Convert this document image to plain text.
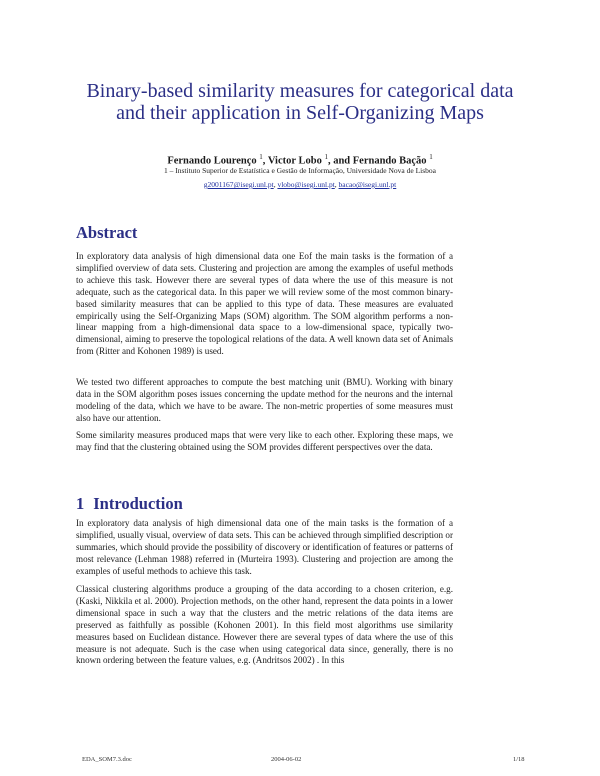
Binary-based similarity measures for categorical data and their application in Self-Organizing Maps
Fernando Lourenço $^1$, Victor Lobo $^1$, and Fernando Bação $^1$
1 – Instituto Superior de Estatística e Gestão de Informação, Universidade Nova de Lisboa
g2001167@isegi.unl.pt, vlobo@isegi.unl.pt, bacao@isegi.unl.pt
Abstract

In exploratory data analysis of high dimensional data one Eof the main tasks is the formation of a simplified overview of data sets. Clustering and projection are among the examples of useful methods to achieve this task. However there are several types of data where the use of this measure is not adequate, such as the categorical data. In this paper we will review some of the most common binary-based similarity measures that can be applied to this type of data. These measures are evaluated empirically using the Self-Organizing Maps (SOM) algorithm. The SOM algorithm performs a non-linear mapping from a high-dimensional data space to a low-dimensional space, typically two-dimensional, aiming to preserve the topological relations of the data. A well known data set of Animals from (Ritter and Kohonen 1989) is used.

We tested two different approaches to compute the best matching unit (BMU). Working with binary data in the SOM algorithm poses issues concerning the update method for the neurons and the internal modeling of the data, which we have to be aware. The non-metric properties of some measures must also have our attention.

Some similarity measures produced maps that were very like to each other. Exploring these maps, we may find that the clustering obtained using the SOM provides different perspectives over the data.

1 Introduction

In exploratory data analysis of high dimensional data one of the main tasks is the formation of a simplified, usually visual, overview of data sets. This can be achieved through simplified description or summaries, which should provide the possibility of discovery or identification of features or patterns of most relevance (Lehman 1988) referred in (Murteira 1993). Clustering and projection are among the examples of useful methods to achieve this task.

Classical clustering algorithms produce a grouping of the data according to a chosen criterion, e.g. (Kaski, Nikkila et al. 2000). Projection methods, on the other hand, represent the data points in a lower dimensional space in such a way that the clusters and the metric relations of the data items are preserved as faithfully as possible (Kohonen 2001). In this field most algorithms use similarity measures based on Euclidean distance. However there are several types of data where the use of this measure is not adequate. Such is the case when using categorical data since, generally, there is no known ordering between the feature values, e.g. (Andritsos 2002) . In this

EDA_SOM7.3.doc	2004-06-02	1/18
